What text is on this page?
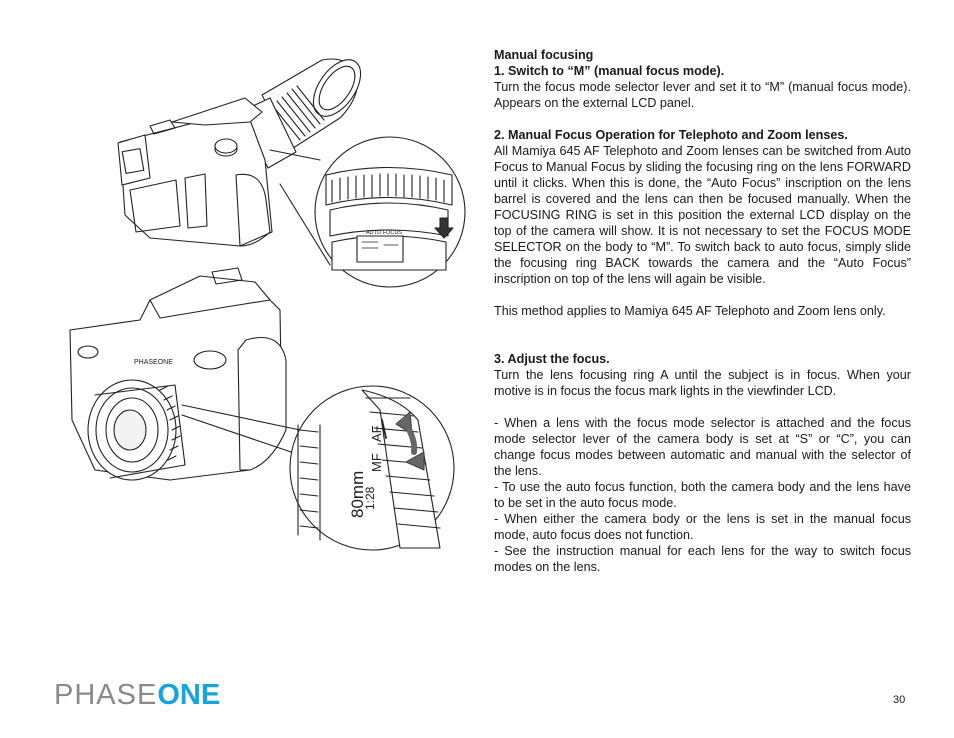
PHASEONE
80mm
1:28
MF
AF
AUTO FOCUS

Manual focusing

1. Switch to “M” (manual focus mode).

Turn the focus mode selector lever and set it to “M” (manual focus mode). Appears on the external LCD panel.

2. Manual Focus Operation for Telephoto and Zoom lenses.

All Mamiya 645 AF Telephoto and Zoom lenses can be switched from Auto Focus to Manual Focus by sliding the focusing ring on the lens FORWARD until it clicks. When this is done, the “Auto Focus” inscription on the lens barrel is covered and the lens can then be focused manually. When the FOCUSING RING is set in this position the external LCD display on the top of the camera will show. It is not necessary to set the FOCUS MODE SELECTOR on the body to “M”. To switch back to auto focus, simply slide the focusing ring BACK towards the camera and the “Auto Focus” inscription on top of the lens will again be visible.

This method applies to Mamiya 645 AF Telephoto and Zoom lens only.

3. Adjust the focus.

Turn the lens focusing ring A until the subject is in focus. When your motive is in focus the focus mark lights in the viewfinder LCD.

- When a lens with the focus mode selector is attached and the focus mode selector lever of the camera body is set at “S” or “C”, you can change focus modes between automatic and manual with the selector of the lens.

- To use the auto focus function, both the camera body and the lens have to be set in the auto focus mode.

- When either the camera body or the lens is set in the manual focus mode, auto focus does not function.

- See the instruction manual for each lens for the way to switch focus modes on the lens.

PHASE ONE	30
